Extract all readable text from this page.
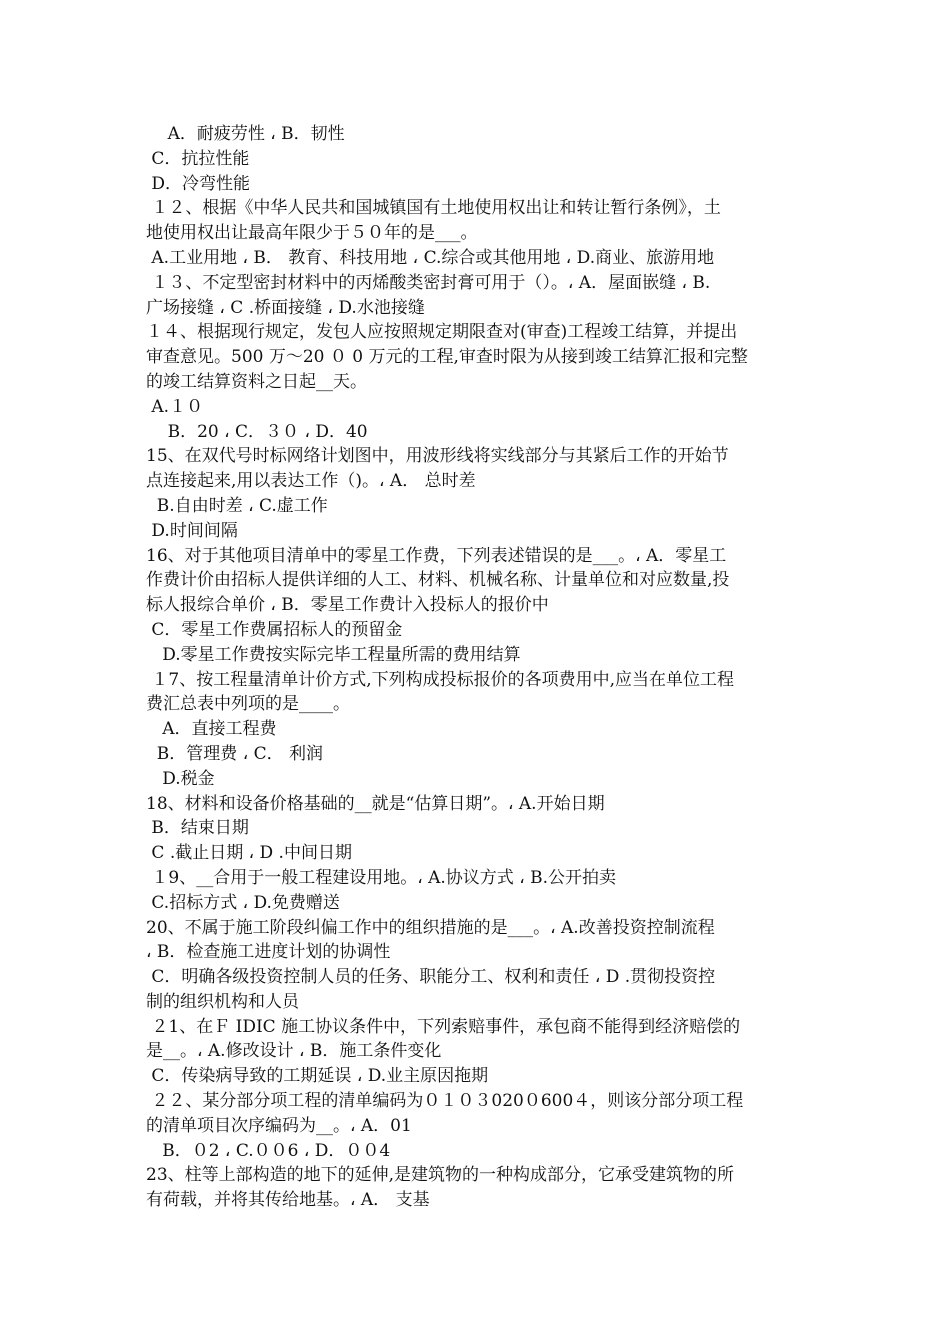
A．耐疲劳性 ، B．韧性
C．抗拉性能
D．冷弯性能
１２、根据《中华人民共和国城镇国有土地使用权出让和转让暂行条例》，土
地使用权出让最高年限少于５０年的是___。
A.工业用地 ، B． 教育、科技用地 ، C.综合或其他用地 ، D.商业、旅游用地
１３、不定型密封材料中的丙烯酸类密封膏可用于（）。، A．屋面嵌缝 ، B.
广场接缝 ، C .桥面接缝 ، D.水池接缝
１４、根据现行规定，发包人应按照规定期限查对(审查)工程竣工结算，并提出
审查意见。500 万～20 ０ 0 万元的工程,审查时限为从接到竣工结算汇报和完整
的竣工结算资料之日起__天。
A.１０
B．20 ، C．３０ ، D．40
15、在双代号时标网络计划图中，用波形线将实线部分与其紧后工作的开始节
点连接起来,用以表达工作（)。، A． 总时差
B.自由时差 ، C.虚工作
D.时间间隔
16、对于其他项目清单中的零星工作费，下列表述错误的是___。، A．零星工
作费计价由招标人提供详细的人工、材料、机械名称、计量单位和对应数量,投
标人报综合单价 ، B．零星工作费计入投标人的报价中
C．零星工作费属招标人的预留金
D.零星工作费按实际完毕工程量所需的费用结算
１7、按工程量清单计价方式,下列构成投标报价的各项费用中,应当在单位工程
费汇总表中列项的是____。
A．直接工程费
B．管理费 ، C． 利润
D.税金
18、材料和设备价格基础的__就是“估算日期”。، A.开始日期
B．结束日期
C .截止日期 ، D .中间日期
１9、__合用于一般工程建设用地。، A.协议方式 ، B.公开拍卖
C.招标方式 ، D.免费赠送
20、不属于施工阶段纠偏工作中的组织措施的是___。، A.改善投资控制流程
، B．检查施工进度计划的协调性
C．明确各级投资控制人员的任务、职能分工、权利和责任 ، D .贯彻投资控
制的组织机构和人员
２1、在Ｆ IDIC 施工协议条件中，下列索赔事件，承包商不能得到经济赔偿的
是__。، A.修改设计 ، B．施工条件变化
C．传染病导致的工期延误 ، D.业主原因拖期
２２、某分部分项工程的清单编码为０１０３020０600４，则该分部分项工程
的清单项目次序编码为__。، A．01
B．０2 ، C.００6 ، D．００4
23、柱等上部构造的地下的延伸,是建筑物的一种构成部分，它承受建筑物的所
有荷载，并将其传给地基。، A． 支基
